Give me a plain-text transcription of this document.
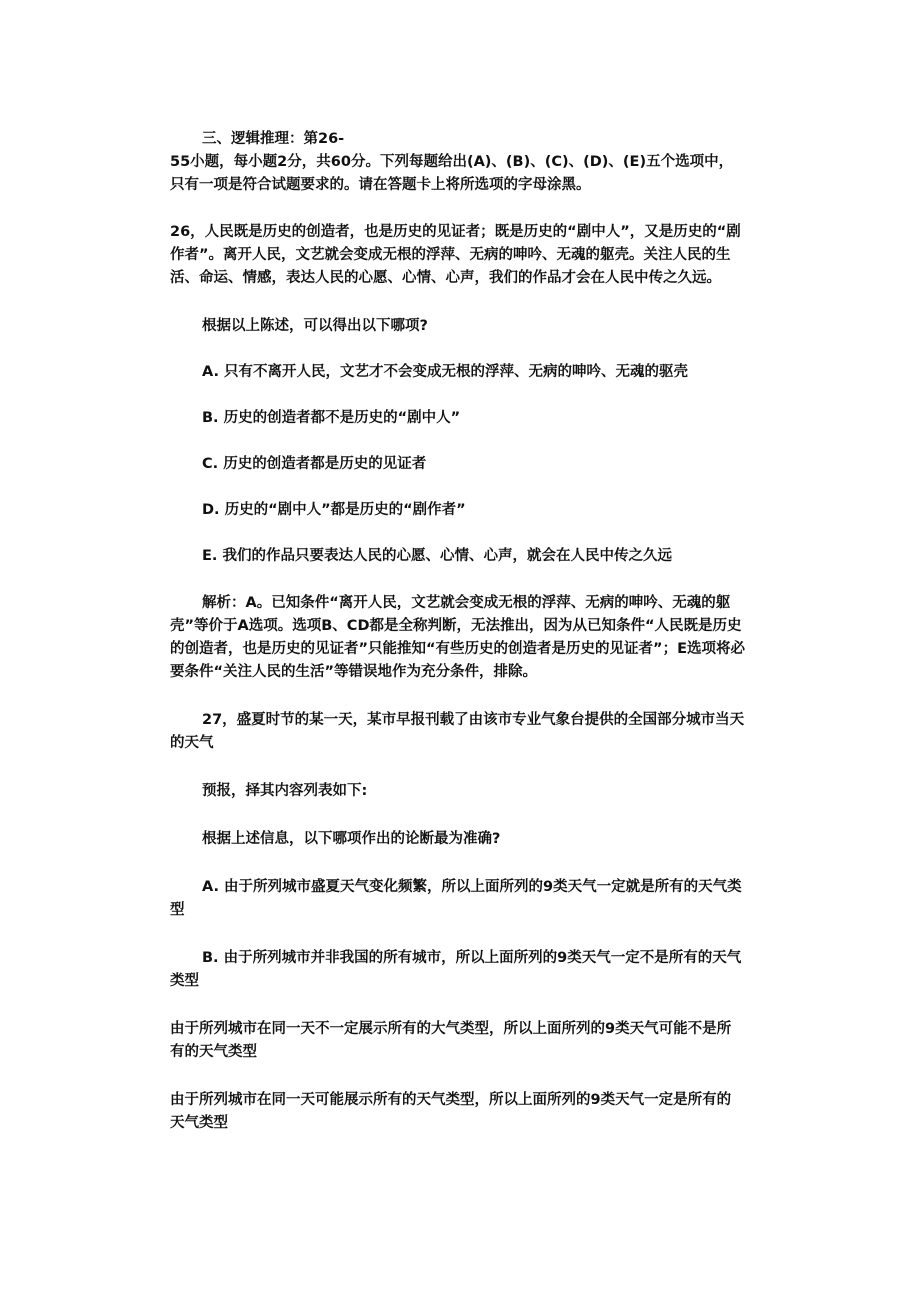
三、逻辑推理：第26-

55小题，每小题2分，共60分。下列每题给出(A)、(B)、(C)、(D)、(E)五个选项中，只有一项是符合试题要求的。请在答题卡上将所选项的字母涂黑。

26，人民既是历史的创造者，也是历史的见证者；既是历史的“剧中人”，又是历史的“剧作者”。离开人民，文艺就会变成无根的浮萍、无病的呻吟、无魂的躯壳。关注人民的生活、命运、情感，表达人民的心愿、心情、心声，我们的作品才会在人民中传之久远。

根据以上陈述，可以得出以下哪项?

A. 只有不离开人民，文艺才不会变成无根的浮萍、无病的呻吟、无魂的驱壳

B. 历史的创造者都不是历史的“剧中人”

C. 历史的创造者都是历史的见证者

D. 历史的“剧中人”都是历史的“剧作者”

E. 我们的作品只要表达人民的心愿、心情、心声，就会在人民中传之久远

解析：A。已知条件“离开人民，文艺就会变成无根的浮萍、无病的呻吟、无魂的躯壳”等价于A选项。选项B、CD都是全称判断，无法推出，因为从已知条件“人民既是历史的创造者，也是历史的见证者”只能推知“有些历史的创造者是历史的见证者”；E选项将必要条件“关注人民的生活”等错误地作为充分条件，排除。

27，盛夏时节的某一天，某市早报刊载了由该市专业气象台提供的全国部分城市当天的天气

预报，择其内容列表如下:

根据上述信息，以下哪项作出的论断最为准确?

A. 由于所列城市盛夏天气变化频繁，所以上面所列的9类天气一定就是所有的天气类型

B. 由于所列城市并非我国的所有城市，所以上面所列的9类天气一定不是所有的天气类型

由于所列城市在同一天不一定展示所有的大气类型，所以上面所列的9类天气可能不是所有的天气类型

由于所列城市在同一天可能展示所有的天气类型，所以上面所列的9类天气一定是所有的天气类型
